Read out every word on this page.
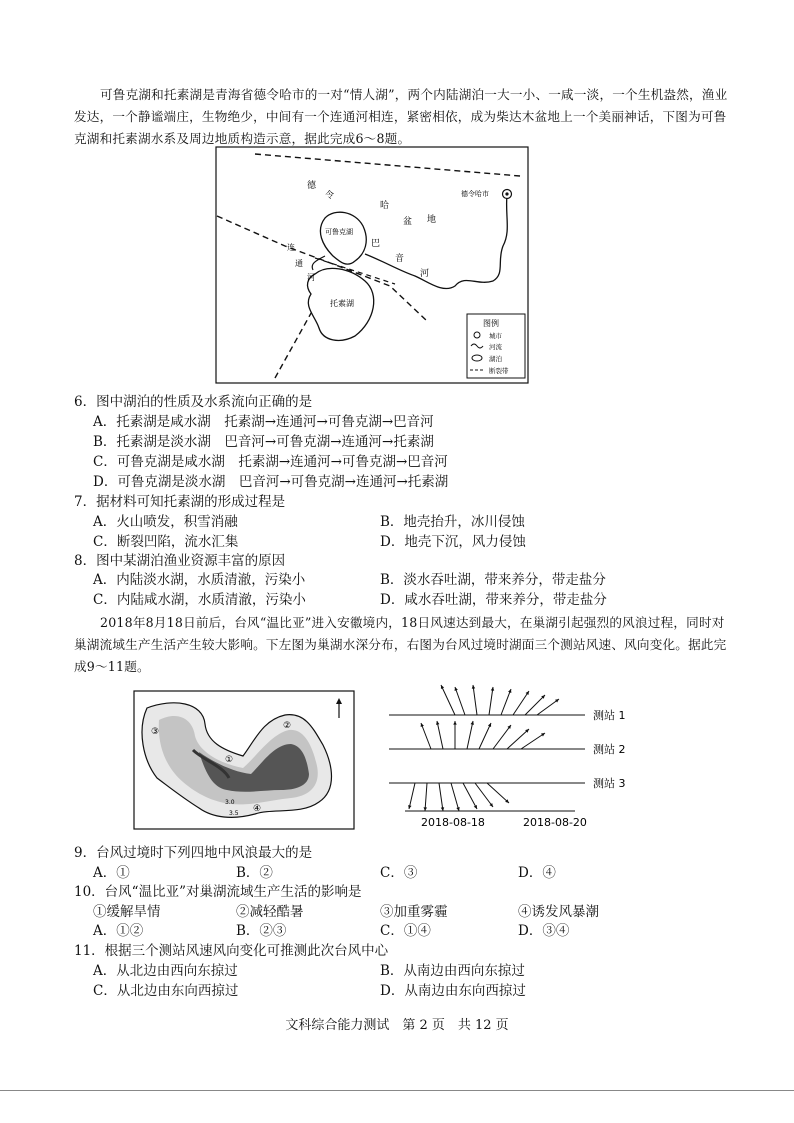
可鲁克湖和托素湖是青海省德令哈市的一对“情人湖”，两个内陆湖泊一大一小、一咸一淡，一个生机盎然，渔业发达，一个静谧端庄，生物绝少，中间有一个连通河相连，紧密相依，成为柴达木盆地上一个美丽神话，下图为可鲁克湖和托素湖水系及周边地质构造示意，据此完成6～8题。
德
令
哈
盆 地
德令哈市
可鲁克湖
巴
音
河
连
通
河
托素湖
图例
城市
河流
湖泊
断裂带
6．图中湖泊的性质及水系流向正确的是
A．托素湖是咸水湖　托素湖→连通河→可鲁克湖→巴音河
B．托素湖是淡水湖　巴音河→可鲁克湖→连通河→托素湖
C．可鲁克湖是咸水湖　托素湖→连通河→可鲁克湖→巴音河
D．可鲁克湖是淡水湖　巴音河→可鲁克湖→连通河→托素湖
7．据材料可知托素湖的形成过程是
A．火山喷发，积雪消融	B．地壳抬升，冰川侵蚀
C．断裂凹陷，流水汇集	D．地壳下沉，风力侵蚀
8．图中某湖泊渔业资源丰富的原因
A．内陆淡水湖，水质清澈，污染小	B．淡水吞吐湖，带来养分，带走盐分
C．内陆咸水湖，水质清澈，污染小	D．咸水吞吐湖，带来养分，带走盐分
2018年8月18日前后，台风“温比亚”进入安徽境内，18日风速达到最大，在巢湖引起强烈的风浪过程，同时对巢湖流域生产生活产生较大影响。下左图为巢湖水深分布，右图为台风过境时湖面三个测站风速、风向变化。据此完成9～11题。
③
①
④
②
3.0
3.5
测站 1
测站 2
测站 3
2018-08-18	2018-08-20
9．台风过境时下列四地中风浪最大的是
A．①	B．②	C．③	D．④
10．台风“温比亚”对巢湖流域生产生活的影响是
①缓解旱情	②减轻酷暑	③加重雾霾	④诱发风暴潮
A．①②	B．②③	C．①④	D．③④
11．根据三个测站风速风向变化可推测此次台风中心
A．从北边由西向东掠过	B．从南边由西向东掠过
C．从北边由东向西掠过	D．从南边由东向西掠过
文科综合能力测试　第 2 页　共 12 页
